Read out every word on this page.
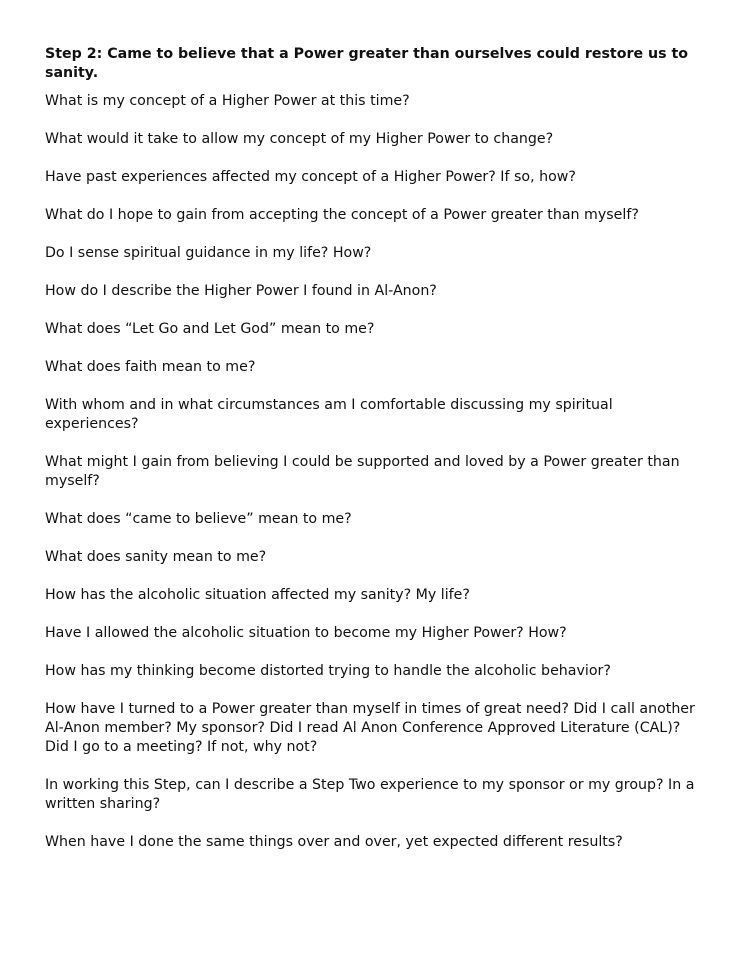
Step 2: Came to believe that a Power greater than ourselves could restore us to sanity.
What is my concept of a Higher Power at this time?
What would it take to allow my concept of my Higher Power to change?
Have past experiences affected my concept of a Higher Power? If so, how?
What do I hope to gain from accepting the concept of a Power greater than myself?
Do I sense spiritual guidance in my life? How?
How do I describe the Higher Power I found in Al-Anon?
What does “Let Go and Let God” mean to me?
What does faith mean to me?
With whom and in what circumstances am I comfortable discussing my spiritual experiences?
What might I gain from believing I could be supported and loved by a Power greater than myself?
What does “came to believe” mean to me?
What does sanity mean to me?
How has the alcoholic situation affected my sanity? My life?
Have I allowed the alcoholic situation to become my Higher Power? How?
How has my thinking become distorted trying to handle the alcoholic behavior?
How have I turned to a Power greater than myself in times of great need? Did I call another Al-Anon member? My sponsor? Did I read Al Anon Conference Approved Literature (CAL)? Did I go to a meeting? If not, why not?
In working this Step, can I describe a Step Two experience to my sponsor or my group? In a written sharing?
When have I done the same things over and over, yet expected different results?
